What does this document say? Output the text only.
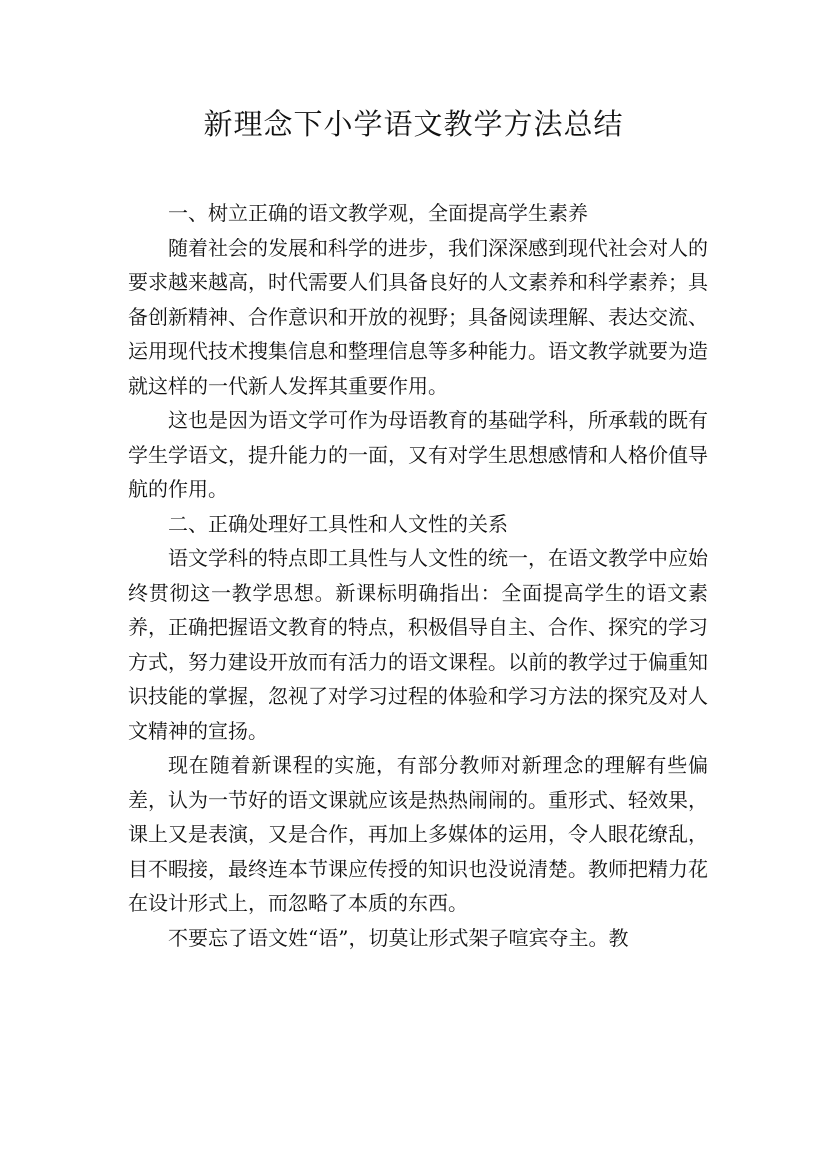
新理念下小学语文教学方法总结

一、树立正确的语文教学观，全面提高学生素养

随着社会的发展和科学的进步，我们深深感到现代社会对人的要求越来越高，时代需要人们具备良好的人文素养和科学素养；具备创新精神、合作意识和开放的视野；具备阅读理解、表达交流、运用现代技术搜集信息和整理信息等多种能力。语文教学就要为造就这样的一代新人发挥其重要作用。

这也是因为语文学可作为母语教育的基础学科，所承载的既有学生学语文，提升能力的一面，又有对学生思想感情和人格价值导航的作用。

二、正确处理好工具性和人文性的关系

语文学科的特点即工具性与人文性的统一，在语文教学中应始终贯彻这一教学思想。新课标明确指出：全面提高学生的语文素养，正确把握语文教育的特点，积极倡导自主、合作、探究的学习方式，努力建设开放而有活力的语文课程。以前的教学过于偏重知识技能的掌握，忽视了对学习过程的体验和学习方法的探究及对人文精神的宣扬。

现在随着新课程的实施，有部分教师对新理念的理解有些偏差，认为一节好的语文课就应该是热热闹闹的。重形式、轻效果，课上又是表演，又是合作，再加上多媒体的运用，令人眼花缭乱，目不暇接，最终连本节课应传授的知识也没说清楚。教师把精力花在设计形式上，而忽略了本质的东西。

不要忘了语文姓“语”，切莫让形式架子喧宾夺主。教
